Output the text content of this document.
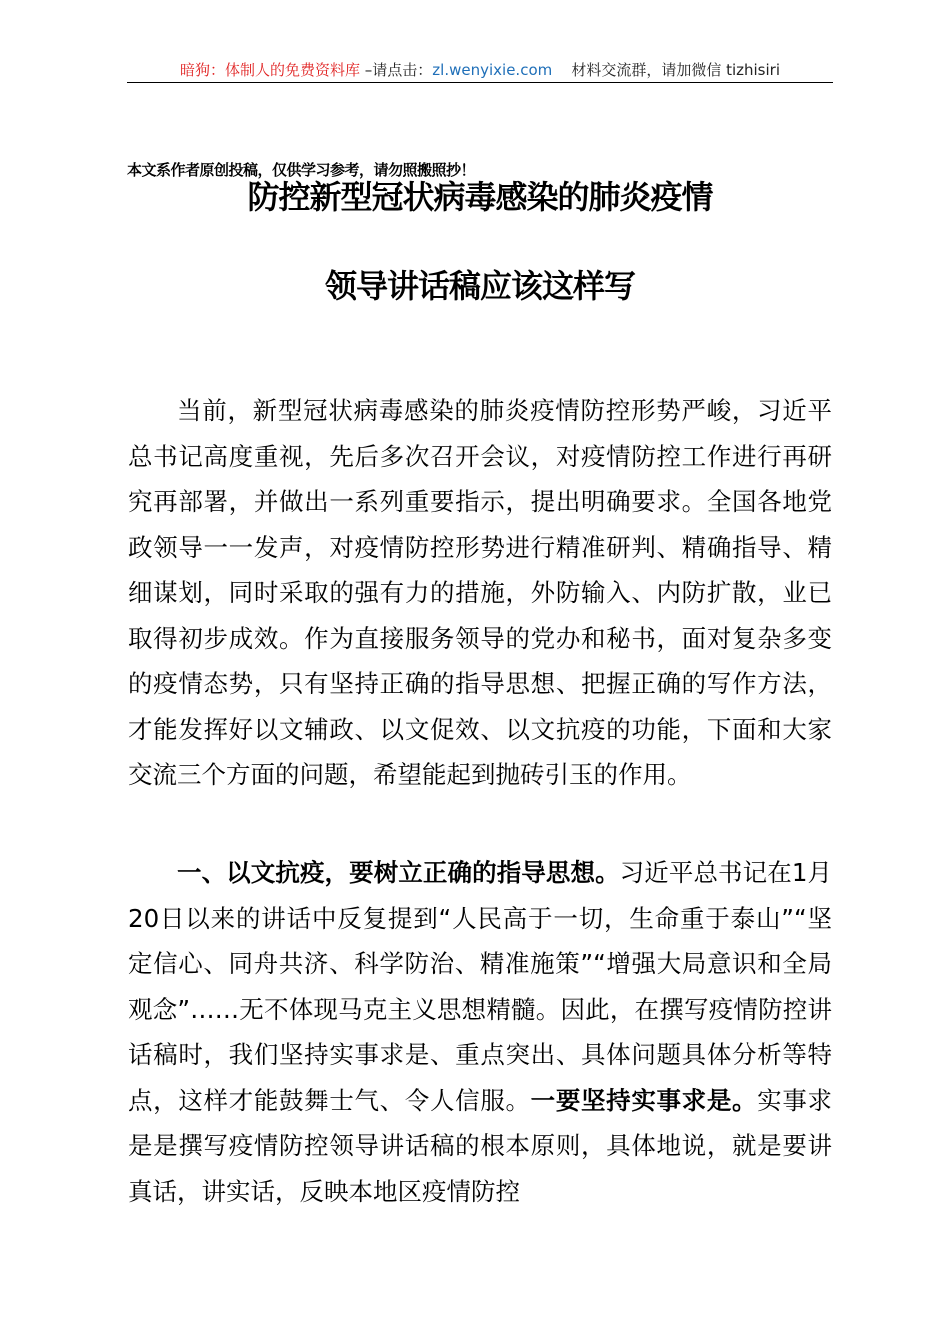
暗狗：体制人的免费资料库 –请点击：zl.wenyixie.com 材料交流群，请加微信 tizhisiri
本文系作者原创投稿，仅供学习参考，请勿照搬照抄！
防控新型冠状病毒感染的肺炎疫情
领导讲话稿应该这样写

当前，新型冠状病毒感染的肺炎疫情防控形势严峻，习近平总书记高度重视，先后多次召开会议，对疫情防控工作进行再研究再部署，并做出一系列重要指示，提出明确要求。全国各地党政领导一一发声，对疫情防控形势进行精准研判、精确指导、精细谋划，同时采取的强有力的措施，外防输入、内防扩散，业已取得初步成效。作为直接服务领导的党办和秘书，面对复杂多变的疫情态势，只有坚持正确的指导思想、把握正确的写作方法，才能发挥好以文辅政、以文促效、以文抗疫的功能，下面和大家交流三个方面的问题，希望能起到抛砖引玉的作用。

一、以文抗疫，要树立正确的指导思想。习近平总书记在1月20日以来的讲话中反复提到“人民高于一切，生命重于泰山”“坚定信心、同舟共济、科学防治、精准施策”“增强大局意识和全局观念”……无不体现马克主义思想精髓。因此，在撰写疫情防控讲话稿时，我们坚持实事求是、重点突出、具体问题具体分析等特点，这样才能鼓舞士气、令人信服。一要坚持实事求是。实事求是是撰写疫情防控领导讲话稿的根本原则，具体地说，就是要讲真话，讲实话，反映本地区疫情防控
